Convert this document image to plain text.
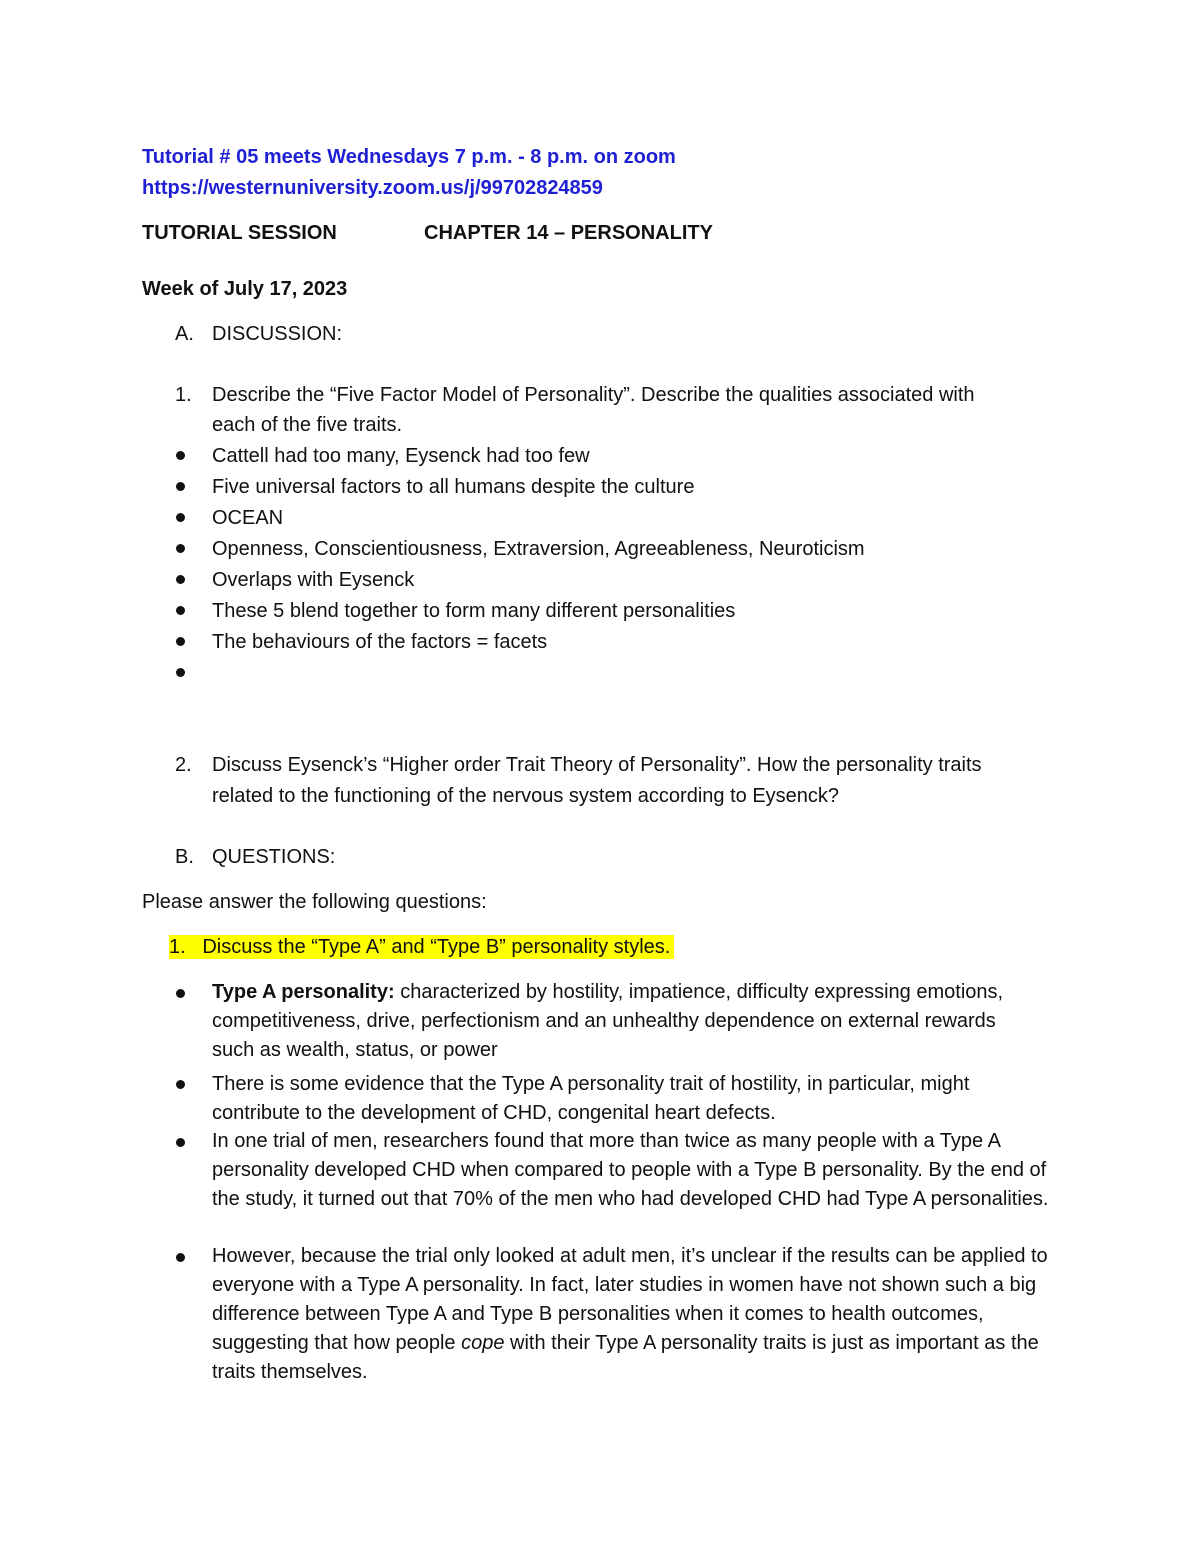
Tutorial # 05 meets Wednesdays 7 p.m. - 8 p.m. on zoom
https://westernuniversity.zoom.us/j/99702824859
TUTORIAL SESSION	CHAPTER 14 – PERSONALITY
Week of July 17, 2023
A. DISCUSSION:
1. Describe the “Five Factor Model of Personality”. Describe the qualities associated with
each of the five traits.
Cattell had too many, Eysenck had too few
Five universal factors to all humans despite the culture
OCEAN
Openness, Conscientiousness, Extraversion, Agreeableness, Neuroticism
Overlaps with Eysenck
These 5 blend together to form many different personalities
The behaviours of the factors = facets
2. Discuss Eysenck’s “Higher order Trait Theory of Personality”. How the personality traits
related to the functioning of the nervous system according to Eysenck?
B. QUESTIONS:
Please answer the following questions:
1. Discuss the “Type A” and “Type B” personality styles.
Type A personality: characterized by hostility, impatience, difficulty expressing emotions, competitiveness, drive, perfectionism and an unhealthy dependence on external rewards such as wealth, status, or power
There is some evidence that the Type A personality trait of hostility, in particular, might contribute to the development of CHD, congenital heart defects.
In one trial of men, researchers found that more than twice as many people with a Type A personality developed CHD when compared to people with a Type B personality. By the end of the study, it turned out that 70% of the men who had developed CHD had Type A personalities.
However, because the trial only looked at adult men, it’s unclear if the results can be applied to everyone with a Type A personality. In fact, later studies in women have not shown such a big difference between Type A and Type B personalities when it comes to health outcomes, suggesting that how people cope with their Type A personality traits is just as important as the traits themselves.
